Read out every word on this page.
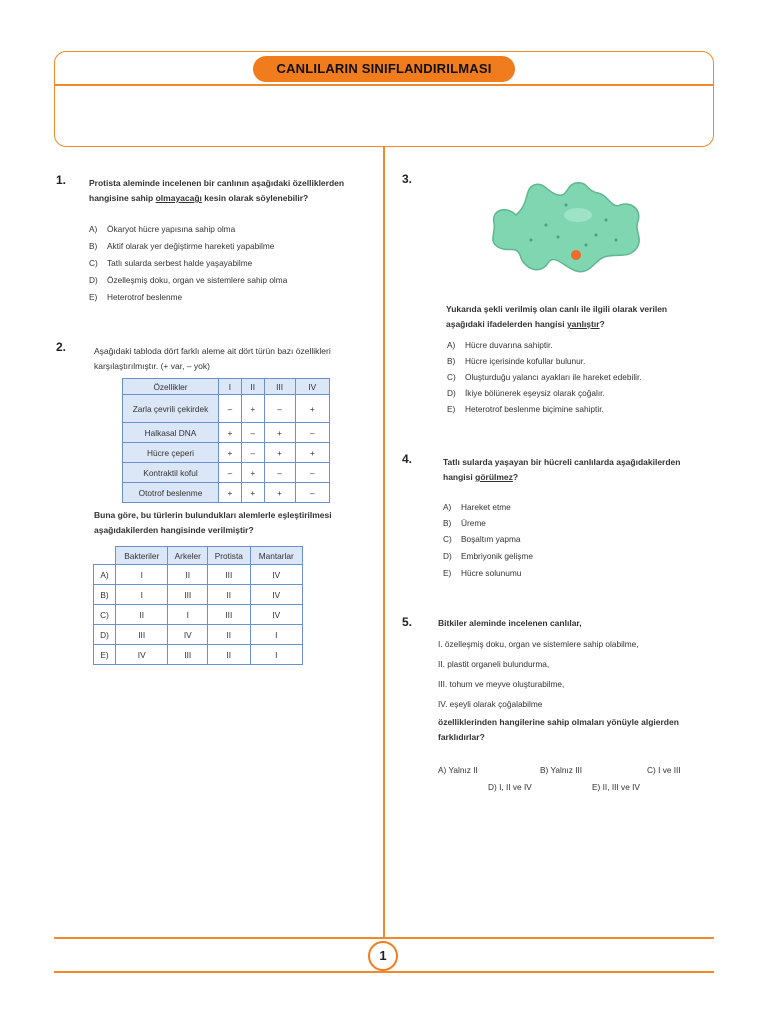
CANLILARIN SINIFLANDIRILMASI
1.	Protista aleminde incelenen bir canlının aşağıdaki özelliklerden hangisine sahip olmayacağı kesin olarak söylenebilir?
A) Ökaryot hücre yapısına sahip olma
B) Aktif olarak yer değiştirme hareketi yapabilme
C) Tatlı sularda serbest halde yaşayabilme
D) Özelleşmiş doku, organ ve sistemlere sahip olma
E) Heterotrof beslenme
2.	Aşağıdaki tabloda dört farklı aleme ait dört türün bazı özellikleri karşılaştırılmıştır. (+ var, – yok)
Özellikler	I	II	III	IV
Zarla çevrili çekirdek	–	+	–	+
Halkasal DNA	+	–	+	–
Hücre çeperi	+	–	+	+
Kontraktil koful	–	+	–	–
Ototrof beslenme	+	+	+	–
Buna göre, bu türlerin bulundukları alemlerle eşleştirilmesi aşağıdakilerden hangisinde verilmiştir?
	Bakteriler	Arkeler	Protista	Mantarlar
A)	I	II	III	IV
B)	I	III	II	IV
C)	II	I	III	IV
D)	III	IV	II	I
E)	IV	III	II	I
3.
Yukarıda şekli verilmiş olan canlı ile ilgili olarak verilen aşağıdaki ifadelerden hangisi yanlıştır?
A) Hücre duvarına sahiptir.
B) Hücre içerisinde kofullar bulunur.
C) Oluşturduğu yalancı ayakları ile hareket edebilir.
D) İkiye bölünerek eşeysiz olarak çoğalır.
E) Heterotrof beslenme biçimine sahiptir.
4.	Tatlı sularda yaşayan bir hücreli canlılarda aşağıdakilerden hangisi görülmez?
A) Hareket etme
B) Üreme
C) Boşaltım yapma
D) Embriyonik gelişme
E) Hücre solunumu
5.	Bitkiler aleminde incelenen canlılar,
I. özelleşmiş doku, organ ve sistemlere sahip olabilme,
II. plastit organeli bulundurma,
III. tohum ve meyve oluşturabilme,
IV. eşeyli olarak çoğalabilme
özelliklerinden hangilerine sahip olmaları yönüyle algierden farklıdırlar?
A) Yalnız II	B) Yalnız III	C) I ve III
D) I, II ve IV	E) II, III ve IV
1
